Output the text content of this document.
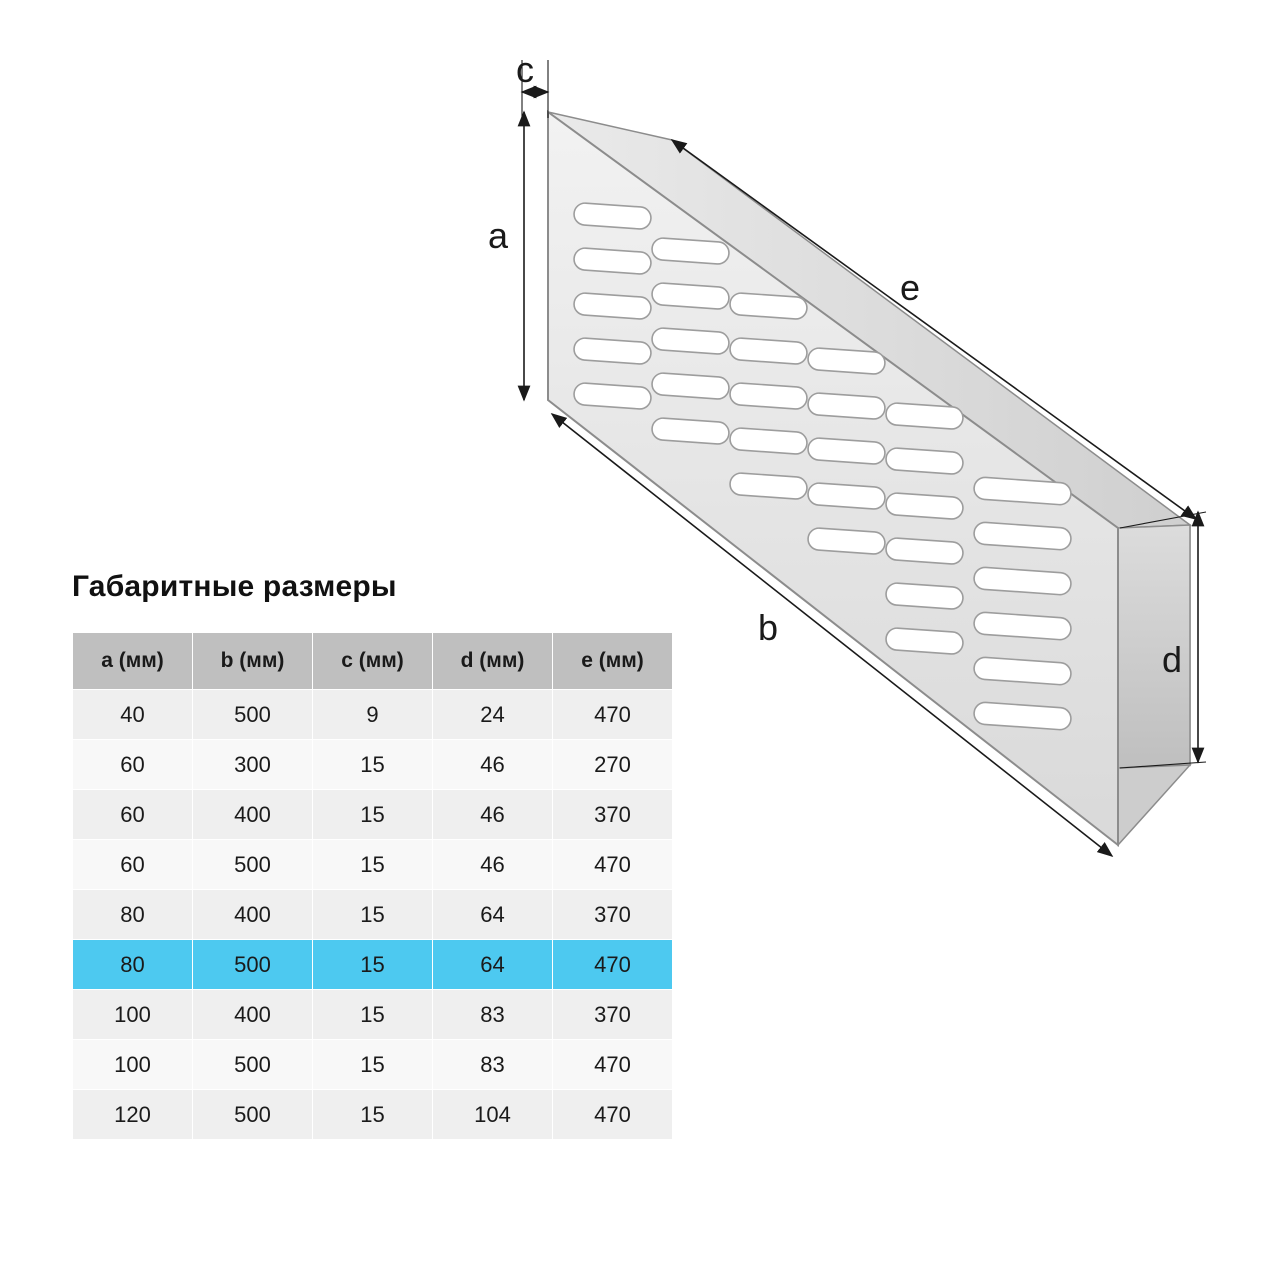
c
a
b
e
d
Габаритные размеры
a (мм)	b (мм)	c (мм)	d (мм)	e (мм)
40	500	9	24	470
60	300	15	46	270
60	400	15	46	370
60	500	15	46	470
80	400	15	64	370
80	500	15	64	470
100	400	15	83	370
100	500	15	83	470
120	500	15	104	470
